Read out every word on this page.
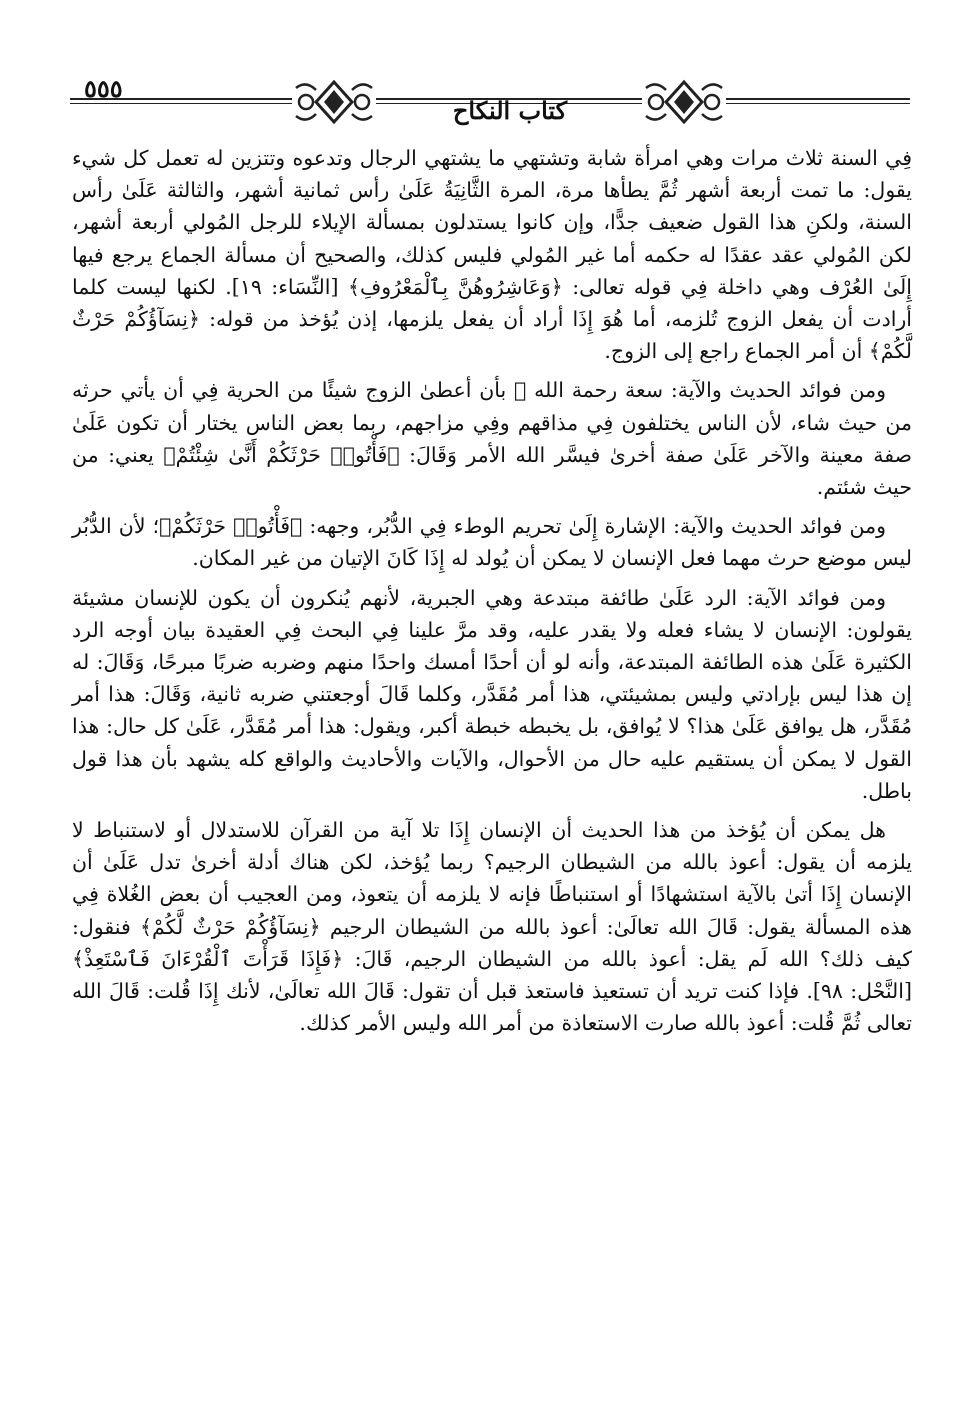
٥٥٥
كتاب النكاح

فِي السنة ثلاث مرات وهي امرأة شابة وتشتهي ما يشتهي الرجال وتدعوه وتتزين له تعمل كل شيء يقول: ما تمت أربعة أشهر ثُمَّ يطأها مرة، المرة الثَّانِيَةُ عَلَىٰ رأس ثمانية أشهر، والثالثة عَلَىٰ رأس السنة، ولكنِ هذا القول ضعيف جدًّا، وإن كانوا يستدلون بمسألة الإيلاء للرجل المُولي أربعة أشهر، لكن المُولي عقد عقدًا له حكمه أما غير المُولي فليس كذلك، والصحيح أن مسألة الجماع يرجع فيها إِلَىٰ العُرْف وهي داخلة فِي قوله تعالى: ﴿وَعَاشِرُوهُنَّ بِٱلْمَعْرُوفِ﴾ [النِّسَاء: ١٩]. لكنها ليست كلما أرادت أن يفعل الزوج تُلزمه، أما هُوَ إِذَا أراد أن يفعل يلزمها، إذن يُؤخذ من قوله: ﴿نِسَآؤُكُمْ حَرْثٌ لَّكُمْ﴾ أن أمر الجماع راجع إلى الزوج.

ومن فوائد الحديث والآية: سعة رحمة الله ﷻ بأن أعطىٰ الزوج شيئًا من الحرية فِي أن يأتي حرثه من حيث شاء، لأن الناس يختلفون فِي مذاقهم وفِي مزاجهم، ربما بعض الناس يختار أن تكون عَلَىٰ صفة معينة والآخر عَلَىٰ صفة أخرىٰ فيسَّر الله الأمر وَقَالَ: ﴿فَأْتُوا۟ حَرْثَكُمْ أَنَّىٰ شِئْتُمْ﴾ يعني: من حيث شئتم.

ومن فوائد الحديث والآية: الإشارة إِلَىٰ تحريم الوطء فِي الدُّبُر، وجهه: ﴿فَأْتُوا۟ حَرْثَكُمْ﴾؛ لأن الدُّبُر ليس موضع حرث مهما فعل الإنسان لا يمكن أن يُولد له إِذَا كَانَ الإتيان من غير المكان.

ومن فوائد الآية: الرد عَلَىٰ طائفة مبتدعة وهي الجبرية، لأنهم يُنكرون أن يكون للإنسان مشيئة يقولون: الإنسان لا يشاء فعله ولا يقدر عليه، وقد مرَّ علينا فِي البحث فِي العقيدة بيان أوجه الرد الكثيرة عَلَىٰ هذه الطائفة المبتدعة، وأنه لو أن أحدًا أمسك واحدًا منهم وضربه ضربًا مبرحًا، وَقَالَ: له إن هذا ليس بإرادتي وليس بمشيئتي، هذا أمر مُقَدَّر، وكلما قَالَ أوجعتني ضربه ثانية، وَقَالَ: هذا أمر مُقَدَّر، هل يوافق عَلَىٰ هذا؟ لا يُوافق، بل يخبطه خبطة أكبر، ويقول: هذا أمر مُقَدَّر، عَلَىٰ كل حال: هذا القول لا يمكن أن يستقيم عليه حال من الأحوال، والآيات والأحاديث والواقع كله يشهد بأن هذا قول باطل.

هل يمكن أن يُؤخذ من هذا الحديث أن الإنسان إِذَا تلا آية من القرآن للاستدلال أو لاستنباط لا يلزمه أن يقول: أعوذ بالله من الشيطان الرجيم؟ ربما يُؤخذ، لكن هناك أدلة أخرىٰ تدل عَلَىٰ أن الإنسان إِذَا أتىٰ بالآية استشهادًا أو استنباطًا فإنه لا يلزمه أن يتعوذ، ومن العجيب أن بعض الغُلاة فِي هذه المسألة يقول: قَالَ الله تعالَىٰ: أعوذ بالله من الشيطان الرجيم ﴿نِسَآؤُكُمْ حَرْثٌ لَّكُمْ﴾ فنقول: كيف ذلك؟ الله لَم يقل: أعوذ بالله من الشيطان الرجيم، قَالَ: ﴿فَإِذَا قَرَأْتَ ٱلْقُرْءَانَ فَٱسْتَعِذْ﴾ [النَّحْل: ٩٨]. فإذا كنت تريد أن تستعيذ فاستعذ قبل أن تقول: قَالَ الله تعالَىٰ، لأنك إِذَا قُلت: قَالَ الله تعالى ثُمَّ قُلت: أعوذ بالله صارت الاستعاذة من أمر الله وليس الأمر كذلك.
